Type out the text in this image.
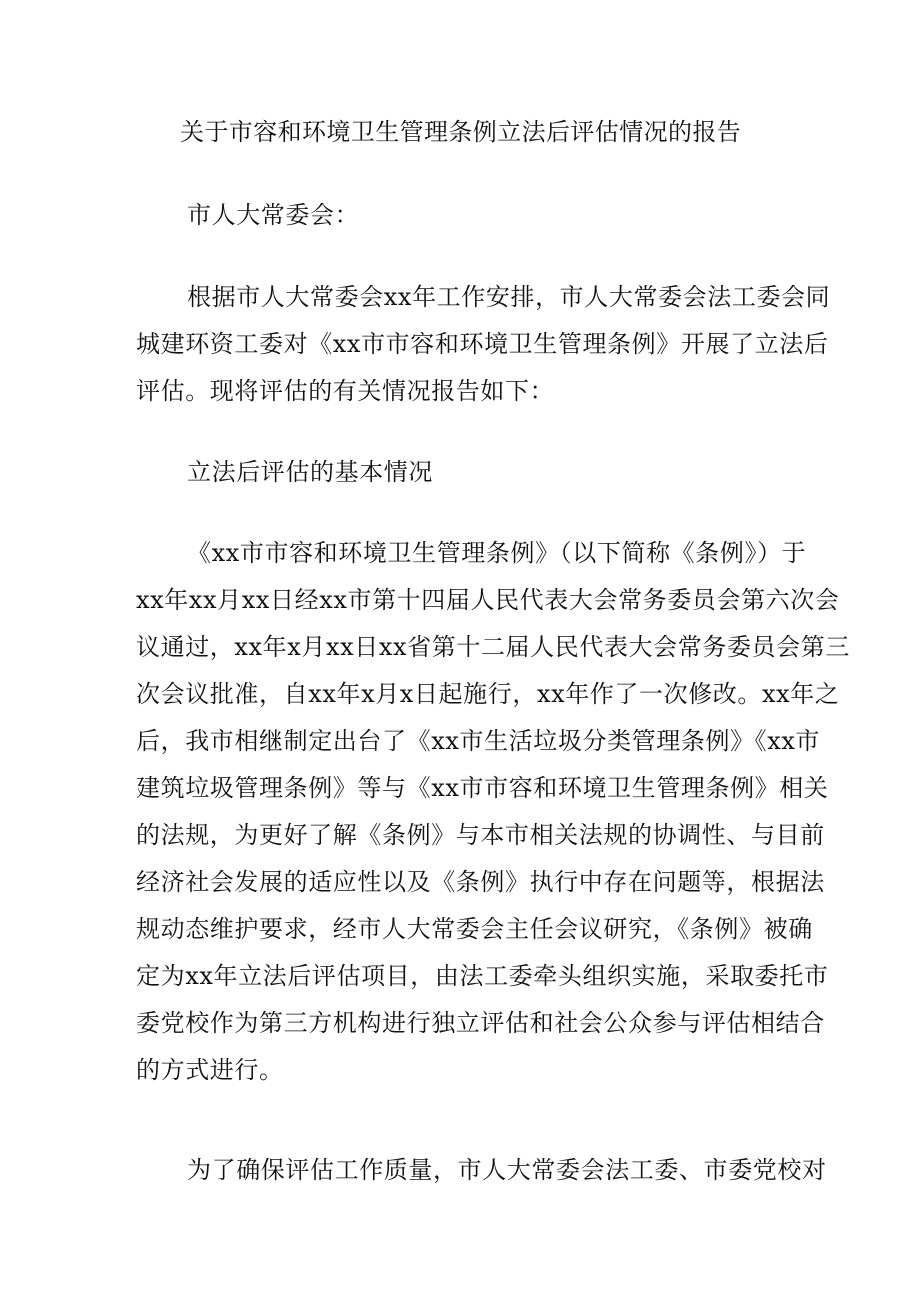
关于市容和环境卫生管理条例立法后评估情况的报告
市人大常委会：
根据市人大常委会xx年工作安排，市人大常委会法工委会同
城建环资工委对《xx市市容和环境卫生管理条例》开展了立法后
评估。现将评估的有关情况报告如下：
立法后评估的基本情况
《xx市市容和环境卫生管理条例》（以下简称《条例》）于
xx年xx月xx日经xx市第十四届人民代表大会常务委员会第六次会
议通过，xx年x月xx日xx省第十二届人民代表大会常务委员会第三
次会议批准，自xx年x月x日起施行，xx年作了一次修改。xx年之
后，我市相继制定出台了《xx市生活垃圾分类管理条例》《xx市
建筑垃圾管理条例》等与《xx市市容和环境卫生管理条例》相关
的法规，为更好了解《条例》与本市相关法规的协调性、与目前
经济社会发展的适应性以及《条例》执行中存在问题等，根据法
规动态维护要求，经市人大常委会主任会议研究，《条例》被确
定为xx年立法后评估项目，由法工委牵头组织实施，采取委托市
委党校作为第三方机构进行独立评估和社会公众参与评估相结合
的方式进行。
为了确保评估工作质量，市人大常委会法工委、市委党校对
